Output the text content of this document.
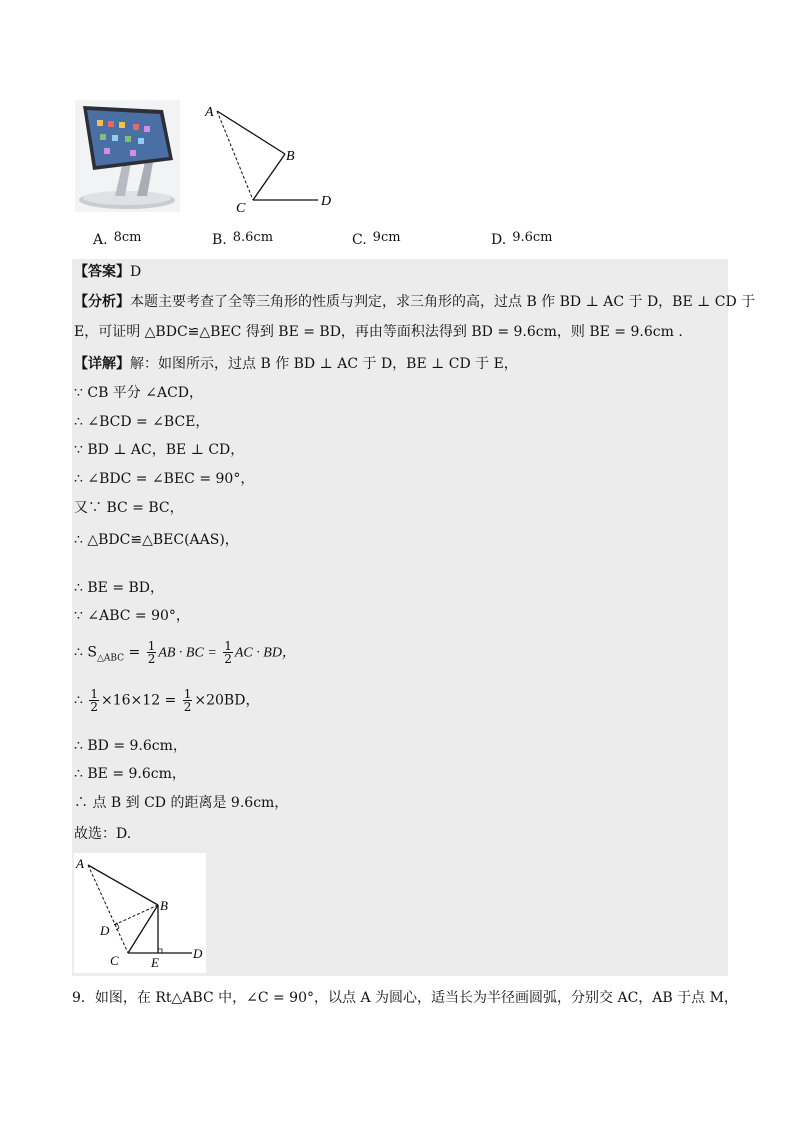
A
B
C	D
A. 8cm	B. 8.6cm	C. 9cm	D. 9.6cm
【答案】D
【分析】本题主要考查了全等三角形的性质与判定，求三角形的高，过点 B 作 BD ⊥ AC 于 D，BE ⊥ CD 于
E，可证明 △BDC≌△BEC 得到 BE = BD，再由等面积法得到 BD = 9.6cm，则 BE = 9.6cm .
【详解】解：如图所示，过点 B 作 BD ⊥ AC 于 D，BE ⊥ CD 于 E，
∵ CB 平分 ∠ACD，
∴ ∠BCD = ∠BCE，
∵ BD ⊥ AC，BE ⊥ CD，
∴ ∠BDC = ∠BEC = 90°，
又∵ BC = BC，
∴ △BDC≌△BEC(AAS)，
∴ BE = BD，
∵ ∠ABC = 90°，
∴ $S_{\triangle ABC} = \frac{1}{2}$ AB · BC = $\frac{1}{2}$ AC · BD，
∴ $\frac{1}{2} \times 16\times 12 = \frac{1}{2} \times 20BD$，
∴ BD = 9.6cm，
∴ BE = 9.6cm，
∴ 点 B 到 CD 的距离是 9.6cm，
故选：D.
A
B
D
C E
D
9．如图，在 Rt△ABC 中，∠C = 90°，以点 A 为圆心，适当长为半径画圆弧，分别交 AC，AB 于点 M，
